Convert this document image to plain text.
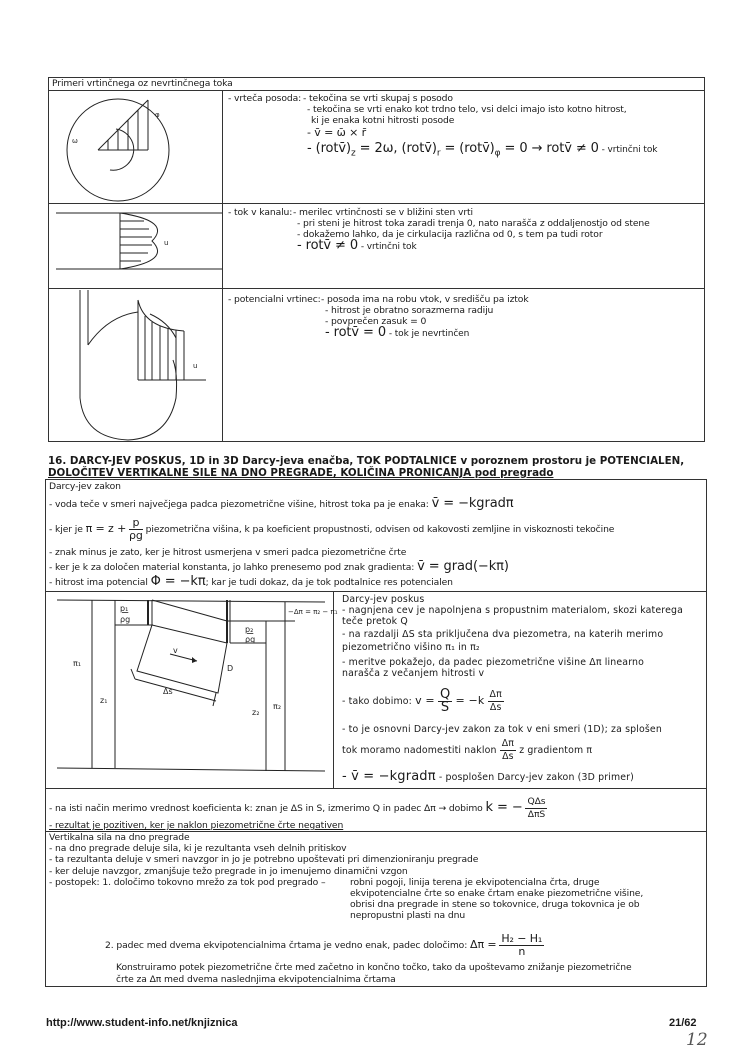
Primeri vrtinčnega oz nevrtinčnega toka
ω
φ
- vrteča posoda: - tekočina se vrti skupaj s posodo
- tekočina se vrti enako kot trdno telo, vsi delci imajo isto kotno hitrost,
ki je enaka kotni hitrosti posode
- v̄ = ω̄ × r̄
- $(rotv̄)_z = 2\omega$, $(rotv̄)_r$ = $(rotv̄)_\varphi = 0$ → rotv̄ ≠ 0 - vrtinčni tok
u
- tok v kanalu: - merilec vrtinčnosti se v bližini sten vrti
- pri steni je hitrost toka zaradi trenja 0, nato narašča z oddaljenostjo od stene
- dokažemo lahko, da je cirkulacija različna od 0, s tem pa tudi rotor
- rotv̄ ≠ 0 - vrtinčni tok
u
- potencialni vrtinec: - posoda ima na robu vtok, v središču pa iztok
- hitrost je obratno sorazmerna radiju
- povprečen zasuk = 0
- rotv̄ = 0 - tok je nevrtinčen
16. DARCY-JEV POSKUS, 1D in 3D Darcy-jeva enačba, TOK PODTALNICE v poroznem prostoru je POTENCIALEN,
DOLOČITEV VERTIKALNE SILE NA DNO PREGRADE, KOLIČINA PRONICANJA pod pregrado
Darcy-jev zakon
- voda teče v smeri največjega padca piezometrične višine, hitrost toka pa je enaka: v̄ = −kgradπ
- kjer je $\pi = z + \frac{p}{\rho g}$ piezometrična višina, k pa koeficient propustnosti, odvisen od kakovosti zemljine in viskoznosti tekočine
- znak minus je zato, ker je hitrost usmerjena v smeri padca piezometrične črte
- ker je k za določen material konstanta, jo lahko prenesemo pod znak gradienta: v̄ = grad(−kπ)
- hitrost ima potencial Φ = −kπ; kar je tudi dokaz, da je tok podtalnice res potencialen
v
D
Δs
p₁
ρg
p₂
ρg
−Δπ = π₂ − π₁
π₁
z₁
z₂
π₂
Darcy-jev poskus
- nagnjena cev je napolnjena s propustnim materialom, skozi katerega
teče pretok Q
- na razdalji ΔS sta priključena dva piezometra, na katerih merimo
piezometrično višino π₁ in π₂
- meritve pokažejo, da padec piezometrične višine Δπ linearno
narašča z večanjem hitrosti v
- tako dobimo: $v = \frac{Q}{S} = -k \frac{\Delta\pi}{\Delta s}$
- to je osnovni Darcy-jev zakon za tok v eni smeri (1D); za splošen
tok moramo nadomestiti naklon $\frac{\Delta\pi}{\Delta s}$ z gradientom π
- v̄ = −kgradπ - posplošen Darcy-jev zakon (3D primer)
- na isti način merimo vrednost koeficienta k: znan je ΔS in S, izmerimo Q in padec Δπ → dobimo k = − $\frac{\text{QΔs}}{\text{ΔπS}}$
- rezultat je pozitiven, ker je naklon piezometrične črte negativen
Vertikalna sila na dno pregrade
- na dno pregrade deluje sila, ki je rezultanta vseh delnih pritiskov
- ta rezultanta deluje v smeri navzgor in jo je potrebno upoštevati pri dimenzioniranju pregrade
- ker deluje navzgor, zmanjšuje težo pregrade in jo imenujemo dinamični vzgon
- postopek: 1. določimo tokovno mrežo za tok pod pregrado –	robni pogoji, linija terena je ekvipotencialna črta, druge
ekvipotencialne črte so enake črtam enake piezometrične višine,
obrisi dna pregrade in stene so tokovnice, druga tokovnica je ob
nepropustni plasti na dnu
2. padec med dvema ekvipotencialnima črtama je vedno enak, padec določimo: $\Delta\pi = \frac{\text{H₂ − H₁}}{n}$
Konstruiramo potek piezometrične črte med začetno in končno točko, tako da upoštevamo znižanje piezometrične
črte za Δπ med dvema naslednjima ekvipotencialnima črtama
http://www.student-info.net/knjiznica	21/62
12
